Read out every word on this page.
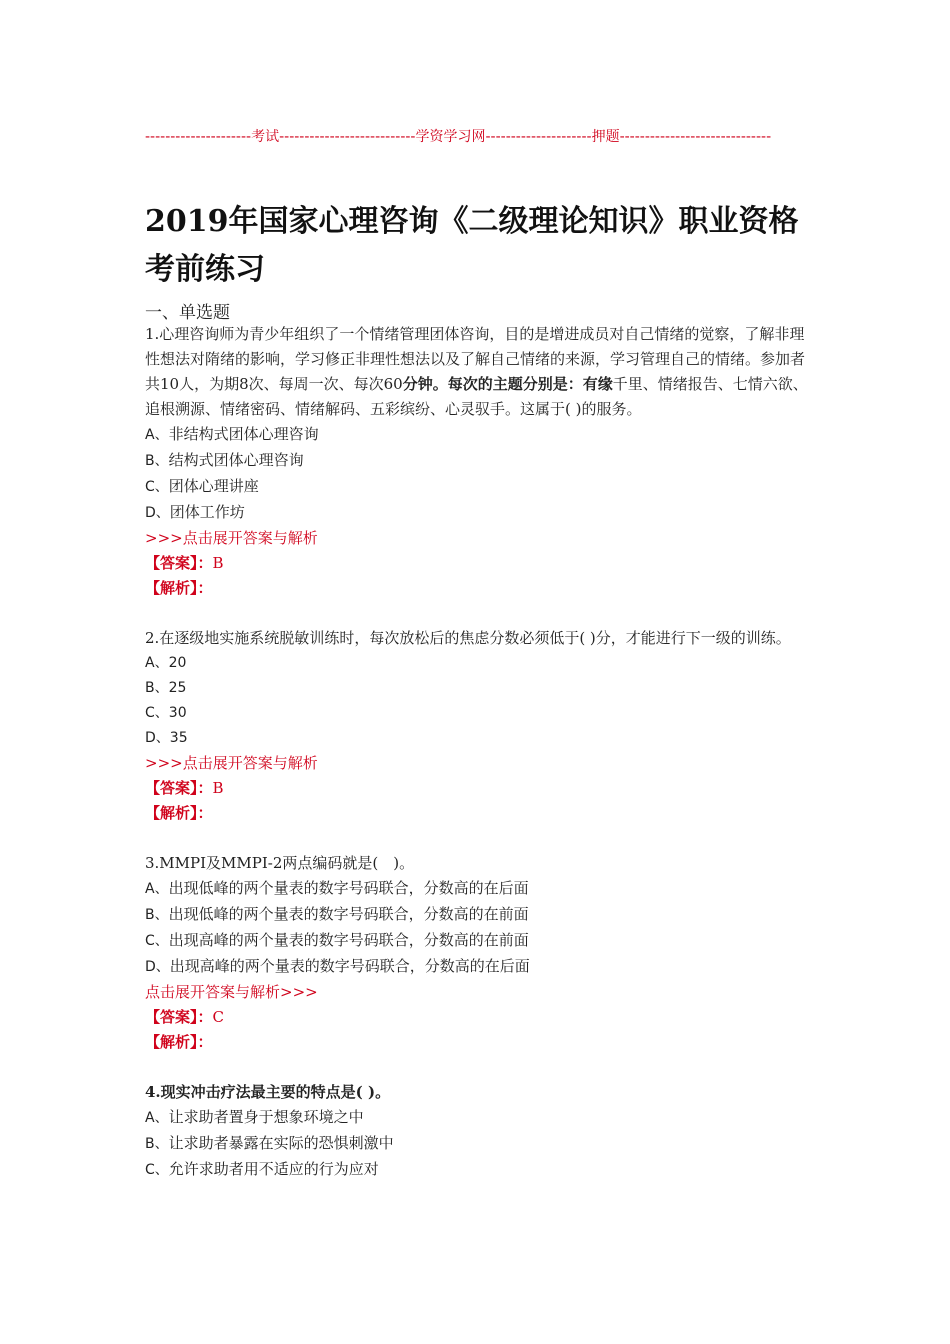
---------------------考试---------------------------学资学习网---------------------押题------------------------------
2019年国家心理咨询《二级理论知识》职业资格考前练习
一、单选题

1.心理咨询师为青少年组织了一个情绪管理团体咨询，目的是增进成员对自己情绪的觉察，了解非理性想法对隋绪的影响，学习修正非理性想法以及了解自己情绪的来源，学习管理自己的情绪。参加者共10人，为期8次、每周一次、每次60分钟。每次的主题分别是：有缘千里、情绪报告、七情六欲、追根溯源、情绪密码、情绪解码、五彩缤纷、心灵驭手。这属于( )的服务。

A、非结构式团体心理咨询

B、结构式团体心理咨询

C、团体心理讲座

D、团体工作坊

>>>点击展开答案与解析

【答案】：B

【解析】：

2.在逐级地实施系统脱敏训练时，每次放松后的焦虑分数必须低于( )分，才能进行下一级的训练。

A、20

B、25

C、30

D、35

>>>点击展开答案与解析

【答案】：B

【解析】：

3.MMPI及MMPI-2两点编码就是(　)。

A、出现低峰的两个量表的数字号码联合，分数高的在后面

B、出现低峰的两个量表的数字号码联合，分数高的在前面

C、出现高峰的两个量表的数字号码联合，分数高的在前面

D、出现高峰的两个量表的数字号码联合，分数高的在后面

点击展开答案与解析>>>

【答案】：C

【解析】：

4.现实冲击疗法最主要的特点是( )。

A、让求助者置身于想象环境之中

B、让求助者暴露在实际的恐惧刺激中

C、允许求助者用不适应的行为应对
